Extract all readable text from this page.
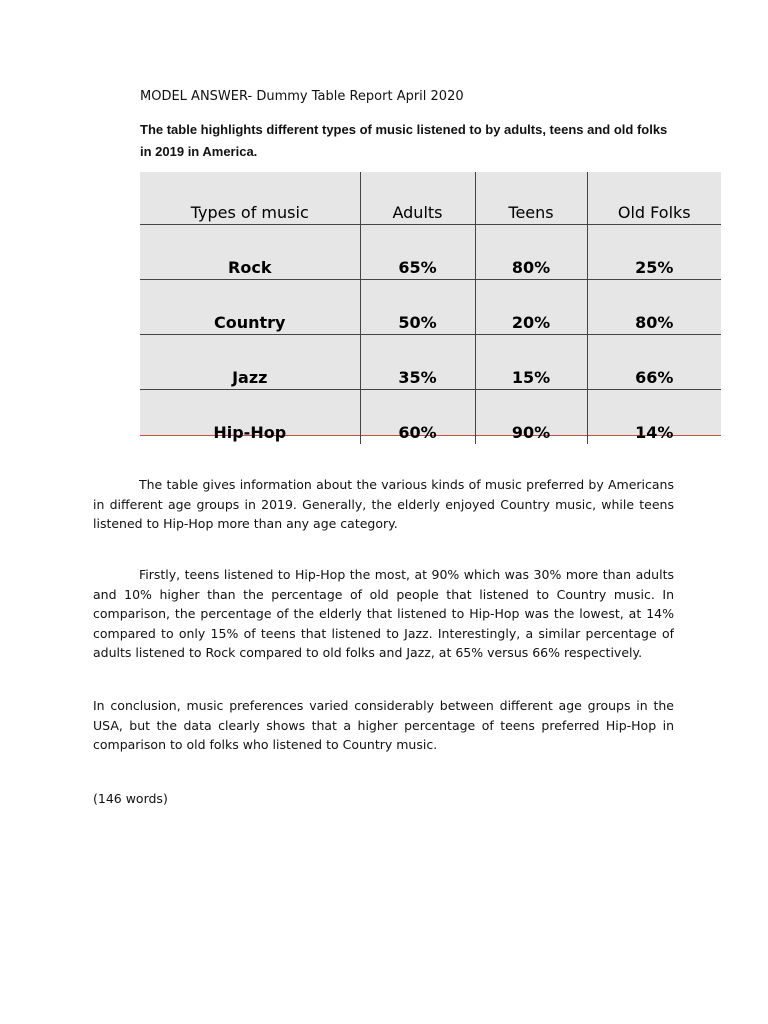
MODEL ANSWER- Dummy Table Report April 2020
The table highlights different types of music listened to by adults, teens and old folks in 2019 in America.
Types of music	Adults	Teens	Old Folks
Rock	65%	80%	25%
Country	50%	20%	80%
Jazz	35%	15%	66%
Hip-Hop	60%	90%	14%

The table gives information about the various kinds of music preferred by Americans in different age groups in 2019. Generally, the elderly enjoyed Country music, while teens listened to Hip-Hop more than any age category.

Firstly, teens listened to Hip-Hop the most, at 90% which was 30% more than adults and 10% higher than the percentage of old people that listened to Country music. In comparison, the percentage of the elderly that listened to Hip-Hop was the lowest, at 14% compared to only 15% of teens that listened to Jazz. Interestingly, a similar percentage of adults listened to Rock compared to old folks and Jazz, at 65% versus 66% respectively.

In conclusion, music preferences varied considerably between different age groups in the USA, but the data clearly shows that a higher percentage of teens preferred Hip-Hop in comparison to old folks who listened to Country music.

(146 words)
